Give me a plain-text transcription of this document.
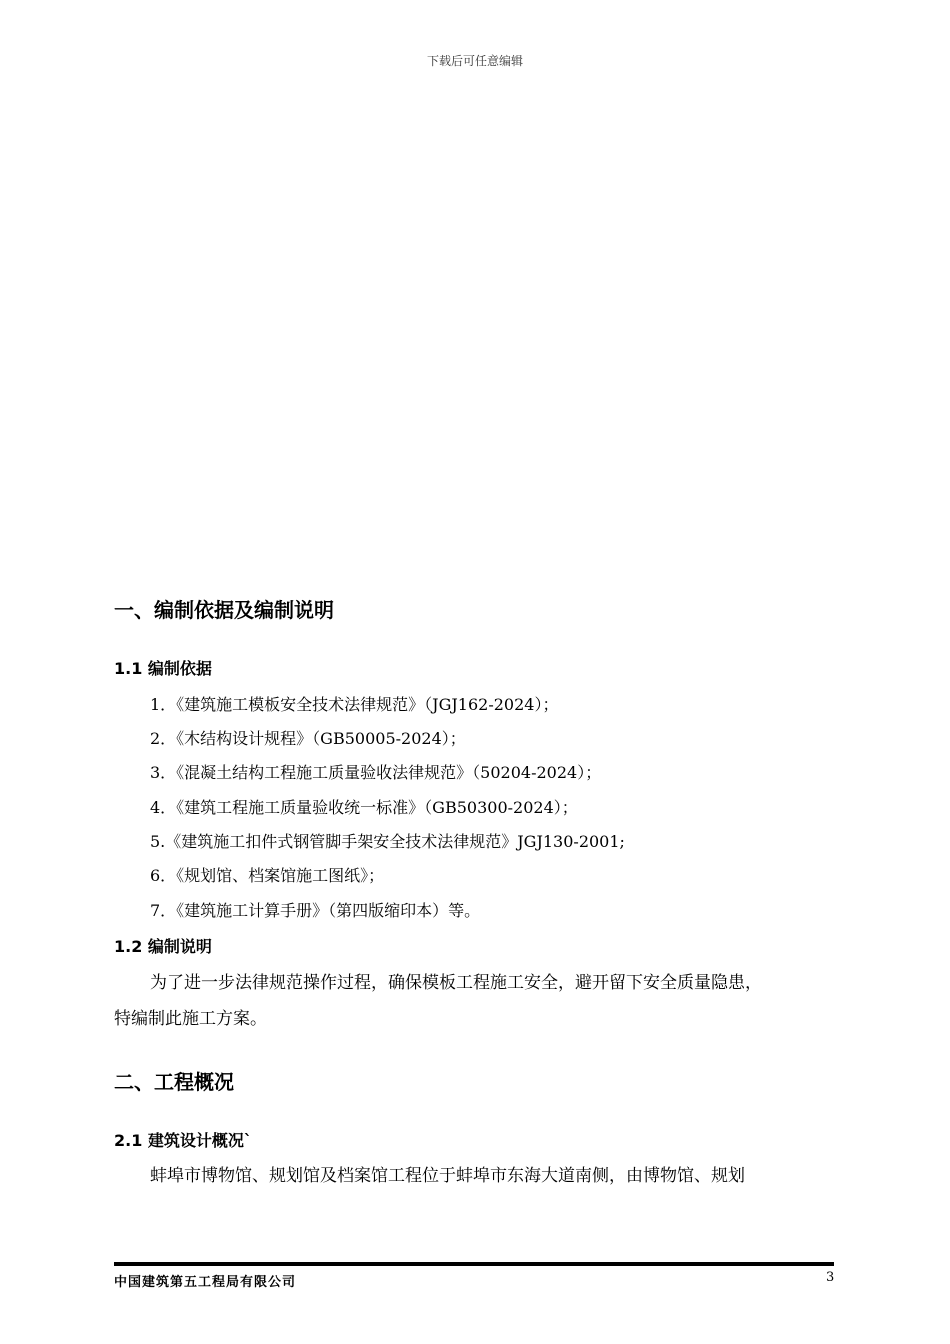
下载后可任意编辑
一、编制依据及编制说明
1.1 编制依据
1．《建筑施工模板安全技术法律规范》（JGJ162-2024）；
2．《木结构设计规程》（GB50005-2024）；
3．《混凝土结构工程施工质量验收法律规范》（50204-2024）；
4．《建筑工程施工质量验收统一标准》（GB50300-2024）；
5.《建筑施工扣件式钢管脚手架安全技术法律规范》JGJ130-2001;
6．《规划馆、档案馆施工图纸》；
7．《建筑施工计算手册》（第四版缩印本）等。
1.2 编制说明
为了进一步法律规范操作过程，确保模板工程施工安全，避开留下安全质量隐患，
特编制此施工方案。
二、工程概况
2.1 建筑设计概况`
蚌埠市博物馆、规划馆及档案馆工程位于蚌埠市东海大道南侧，由博物馆、规划
中国建筑第五工程局有限公司	3
